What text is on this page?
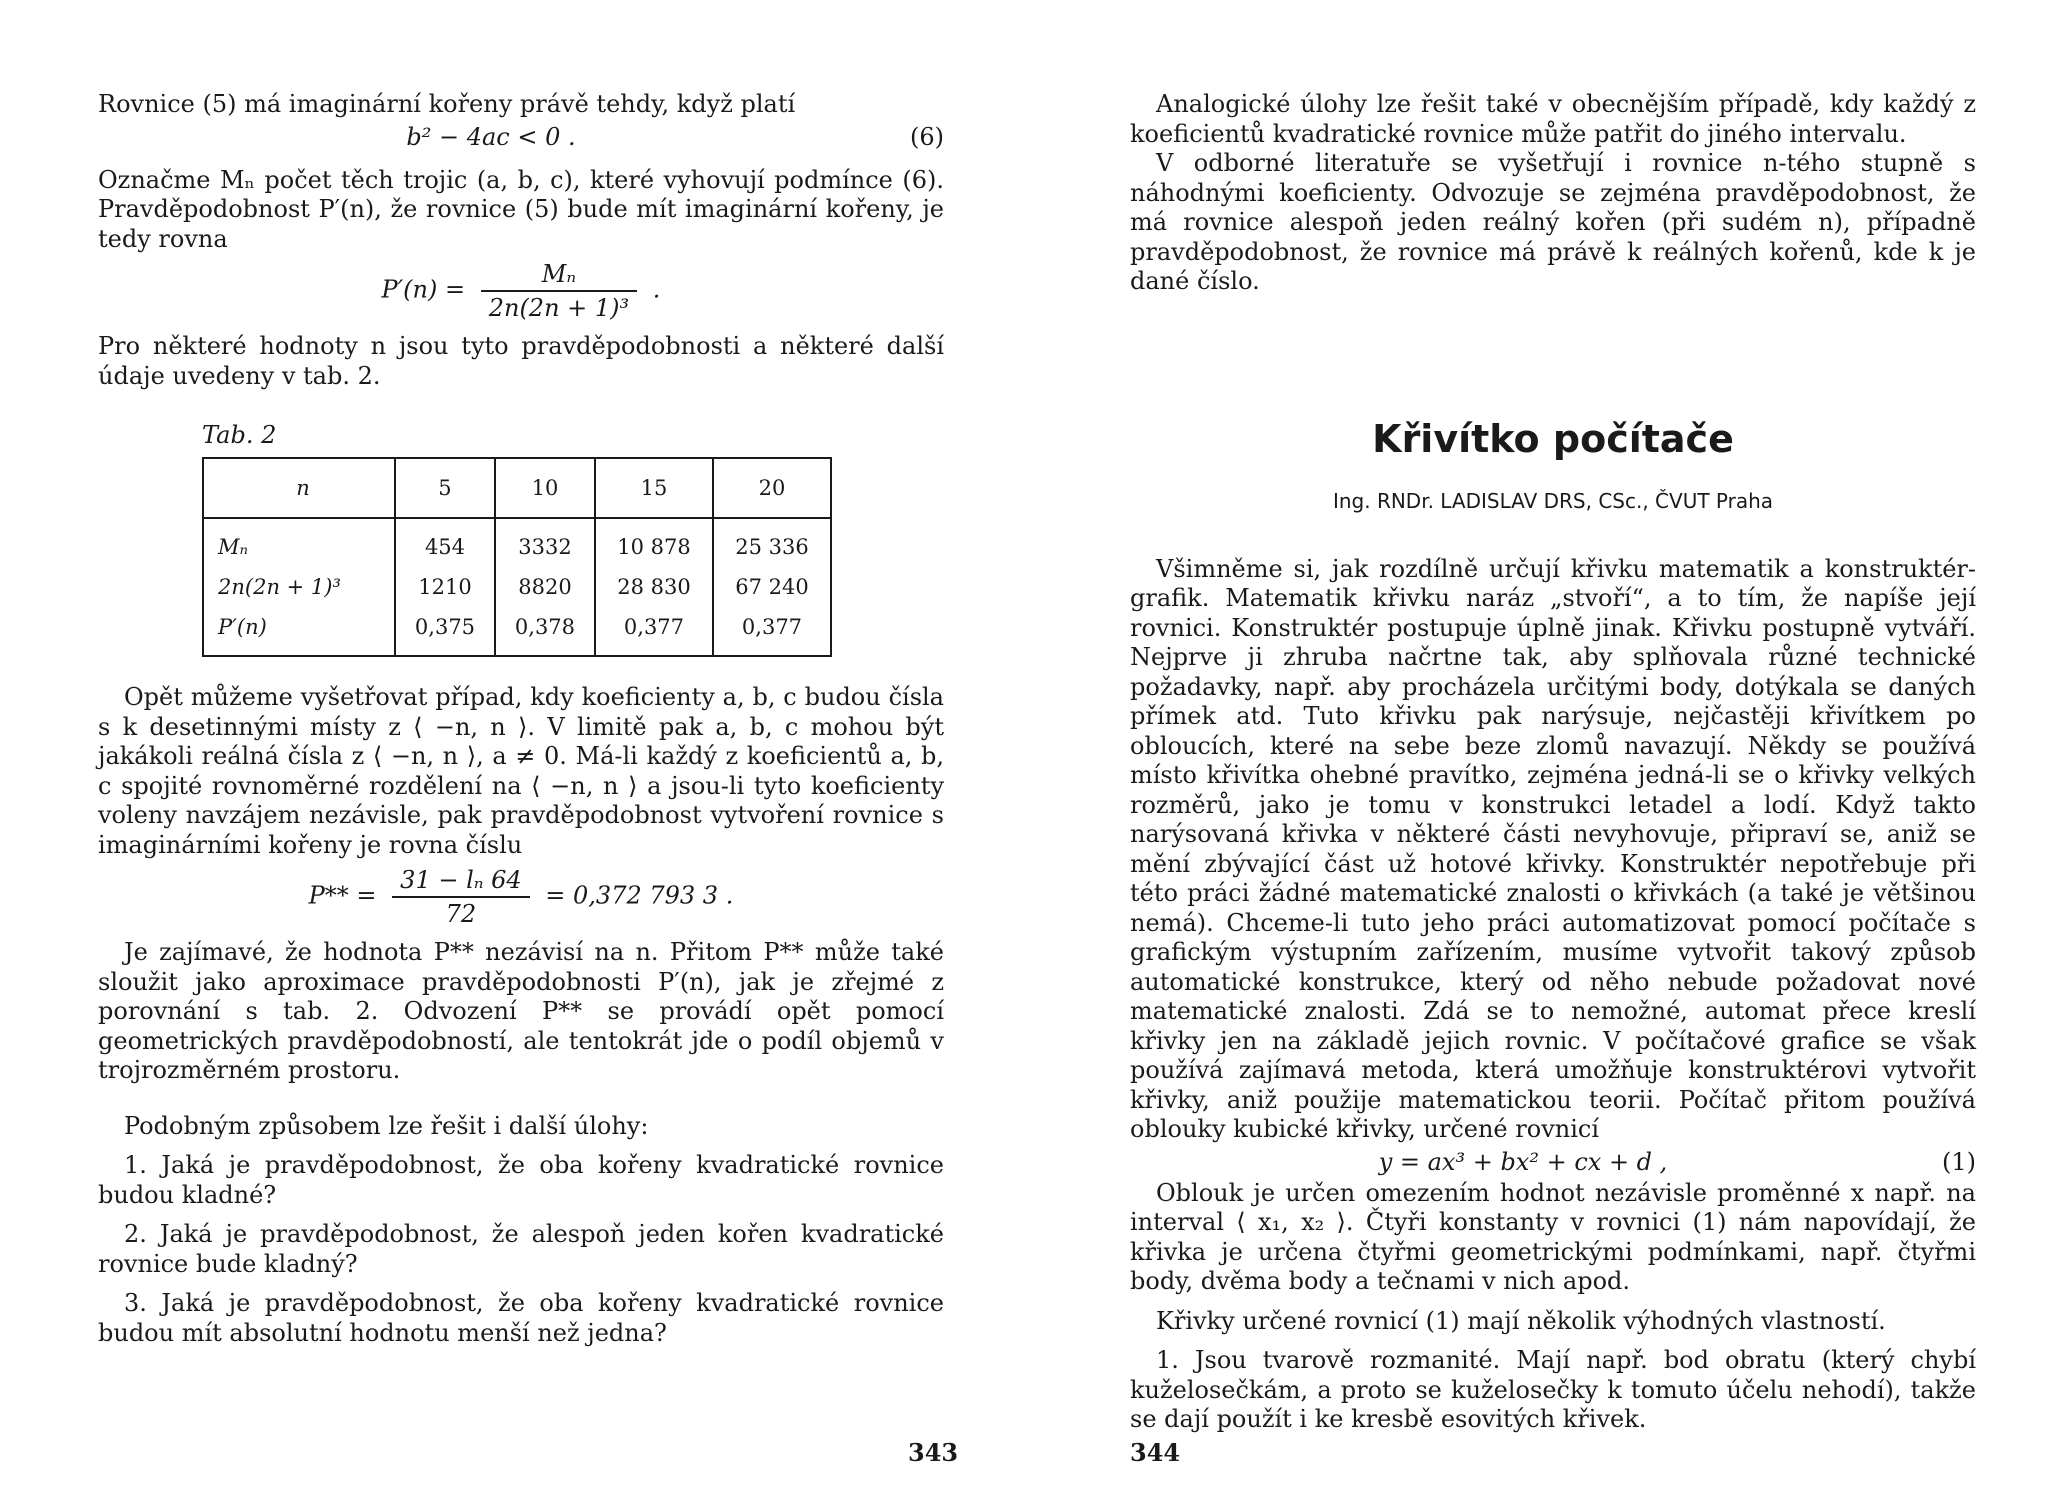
Rovnice (5) má imaginární kořeny právě tehdy, když platí

b² − 4ac < 0 .	(6)

Označme Mₙ počet těch trojic (a, b, c), které vyhovují podmínce (6). Pravděpodobnost P′(n), že rovnice (5) bude mít imaginární kořeny, je tedy rovna

$P'(n) = \frac{\text{Mₙ}}{\text{2n(2n + 1)³}}$ .

Pro některé hodnoty n jsou tyto pravděpodobnosti a některé další údaje uvedeny v tab. 2.

Tab. 2
n	5	10	15	20
Mₙ	454	3332	10 878	25 336
2n(2n + 1)³	1210	8820	28 830	67 240
P′(n)	0,375	0,378	0,377	0,377

Opět můžeme vyšetřovat případ, kdy koeficienty a, b, c budou čísla s k desetinnými místy z ⟨ −n, n ⟩. V limitě pak a, b, c mohou být jakákoli reálná čísla z ⟨ −n, n ⟩, a ≠ 0. Má-li každý z koeficientů a, b, c spojité rovnoměrné rozdělení na ⟨ −n, n ⟩ a jsou-li tyto koeficienty voleny navzájem nezávisle, pak pravděpodobnost vytvoření rovnice s imaginárními kořeny je rovna číslu

$P** = \frac{\text{31 − lₙ 64}}{72} = 0,372$ 793 3 .

Je zajímavé, že hodnota P** nezávisí na n. Přitom P** může také sloužit jako aproximace pravděpodobnosti P′(n), jak je zřejmé z porovnání s tab. 2. Odvození P** se provádí opět pomocí geometrických pravděpodobností, ale tentokrát jde o podíl objemů v trojrozměrném prostoru.

Podobným způsobem lze řešit i další úlohy:

1. Jaká je pravděpodobnost, že oba kořeny kvadratické rovnice budou kladné?

2. Jaká je pravděpodobnost, že alespoň jeden kořen kvadratické rovnice bude kladný?

3. Jaká je pravděpodobnost, že oba kořeny kvadratické rovnice budou mít absolutní hodnotu menší než jedna?

343

Analogické úlohy lze řešit také v obecnějším případě, kdy každý z koeficientů kvadratické rovnice může patřit do jiného intervalu.

V odborné literatuře se vyšetřují i rovnice n-tého stupně s náhodnými koeficienty. Odvozuje se zejména pravděpodobnost, že má rovnice alespoň jeden reálný kořen (při sudém n), případně pravděpodobnost, že rovnice má právě k reálných kořenů, kde k je dané číslo.

Křivítko počítače
Ing. RNDr. LADISLAV DRS, CSc., ČVUT Praha

Všimněme si, jak rozdílně určují křivku matematik a konstruktér-grafik. Matematik křivku naráz „stvoří“, a to tím, že napíše její rovnici. Konstruktér postupuje úplně jinak. Křivku postupně vytváří. Nejprve ji zhruba načrtne tak, aby splňovala různé technické požadavky, např. aby procházela určitými body, dotýkala se daných přímek atd. Tuto křivku pak narýsuje, nejčastěji křivítkem po obloucích, které na sebe beze zlomů navazují. Někdy se používá místo křivítka ohebné pravítko, zejména jedná-li se o křivky velkých rozměrů, jako je tomu v konstrukci letadel a lodí. Když takto narýsovaná křivka v některé části nevyhovuje, připraví se, aniž se mění zbývající část už hotové křivky. Konstruktér nepotřebuje při této práci žádné matematické znalosti o křivkách (a také je většinou nemá). Chceme-li tuto jeho práci automatizovat pomocí počítače s grafickým výstupním zařízením, musíme vytvořit takový způsob automatické konstrukce, který od něho nebude požadovat nové matematické znalosti. Zdá se to nemožné, automat přece kreslí křivky jen na základě jejich rovnic. V počítačové grafice se však používá zajímavá metoda, která umožňuje konstruktérovi vytvořit křivky, aniž použije matematickou teorii. Počítač přitom používá oblouky kubické křivky, určené rovnicí

y = ax³ + bx² + cx + d ,	(1)

Oblouk je určen omezením hodnot nezávisle proměnné x např. na interval ⟨ x₁, x₂ ⟩. Čtyři konstanty v rovnici (1) nám napovídají, že křivka je určena čtyřmi geometrickými podmínkami, např. čtyřmi body, dvěma body a tečnami v nich apod.

Křivky určené rovnicí (1) mají několik výhodných vlastností.

1. Jsou tvarově rozmanité. Mají např. bod obratu (který chybí kuželosečkám, a proto se kuželosečky k tomuto účelu nehodí), takže se dají použít i ke kresbě esovitých křivek.

344
